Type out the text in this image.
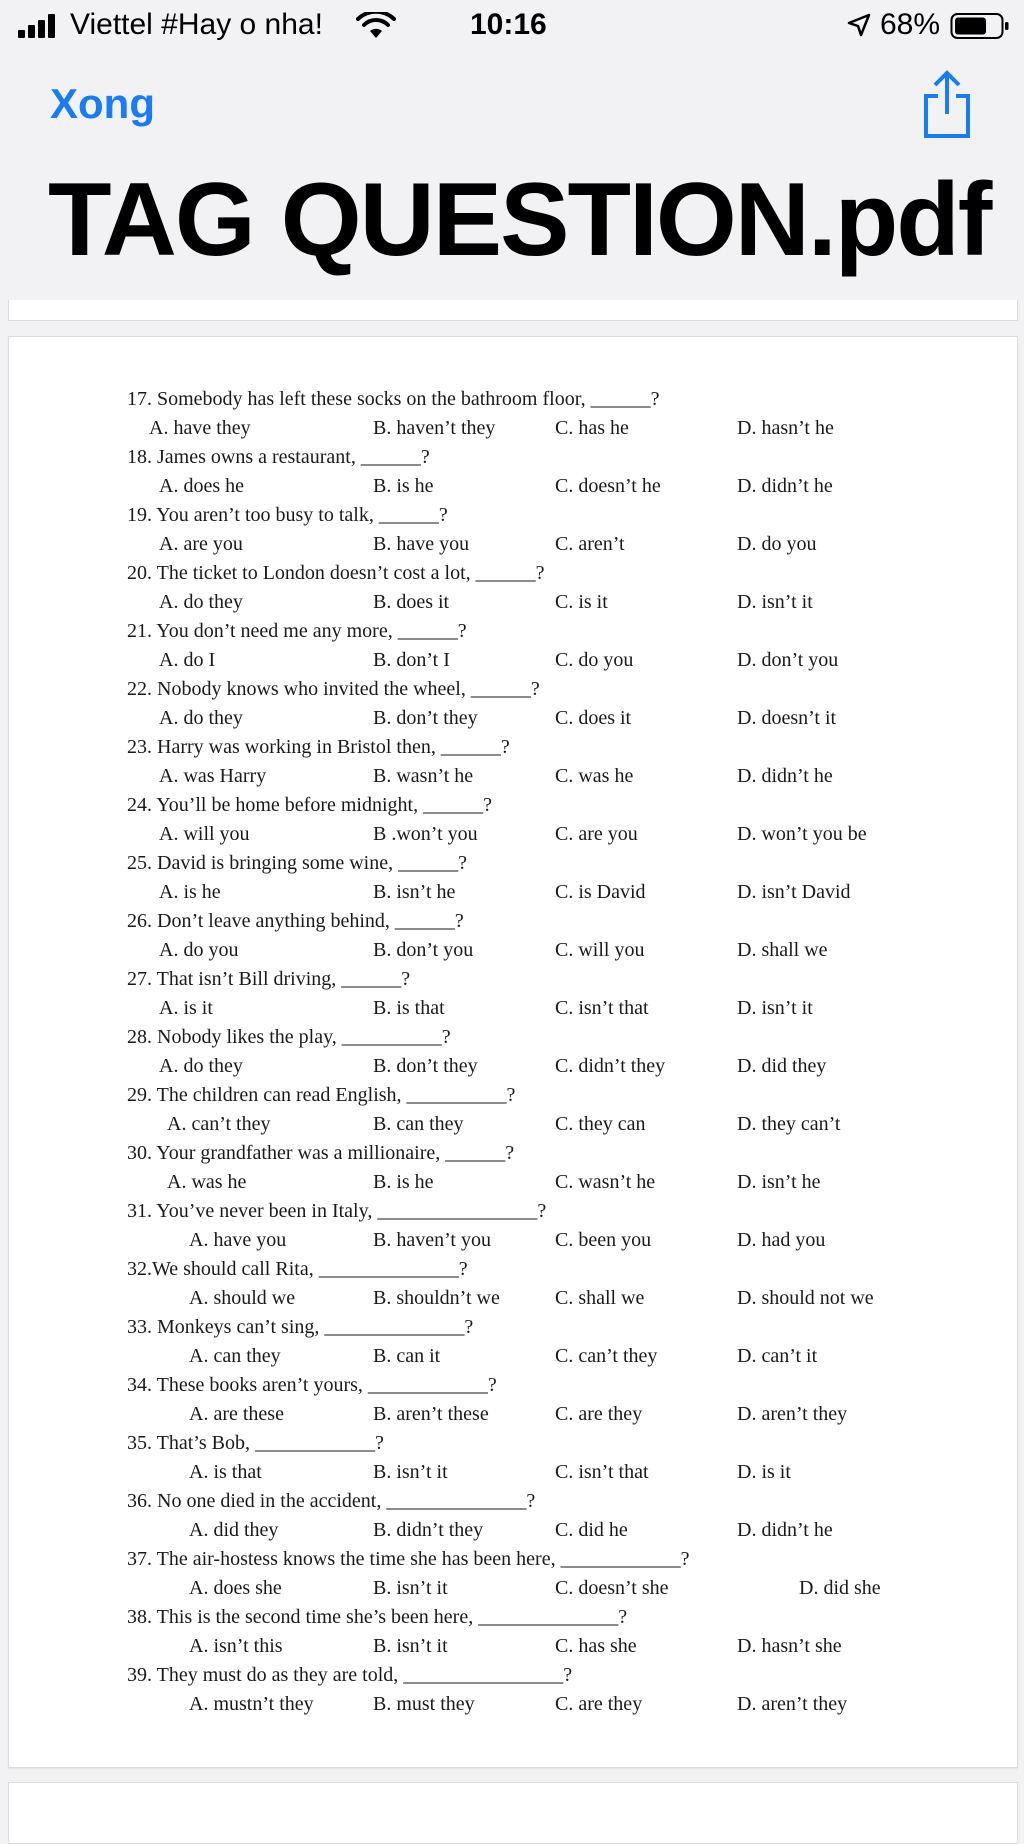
Viettel #Hay o nha!	10:16	68%
Xong
TAG QUESTION.pdf
17. Somebody has left these socks on the bathroom floor, ______?
A. have they	B. haven’t they	C. has he	D. hasn’t he
18. James owns a restaurant, ______?
A. does he	B. is he	C. doesn’t he	D. didn’t he
19. You aren’t too busy to talk, ______?
A. are you	B. have you	C. aren’t	D. do you
20. The ticket to London doesn’t cost a lot, ______?
A. do they	B. does it	C. is it	D. isn’t it
21. You don’t need me any more, ______?
A. do I	B. don’t I	C. do you	D. don’t you
22. Nobody knows who invited the wheel, ______?
A. do they	B. don’t they	C. does it	D. doesn’t it
23. Harry was working in Bristol then, ______?
A. was Harry	B. wasn’t he	C. was he	D. didn’t he
24. You’ll be home before midnight, ______?
A. will you	B .won’t you	C. are you	D. won’t you be
25. David is bringing some wine, ______?
A. is he	B. isn’t he	C. is David	D. isn’t David
26. Don’t leave anything behind, ______?
A. do you	B. don’t you	C. will you	D. shall we
27. That isn’t Bill driving, ______?
A. is it	B. is that	C. isn’t that	D. isn’t it
28. Nobody likes the play, __________?
A. do they	B. don’t they	C. didn’t they	D. did they
29. The children can read English, __________?
A. can’t they	B. can they	C. they can	D. they can’t
30. Your grandfather was a millionaire, ______?
A. was he	B. is he	C. wasn’t he	D. isn’t he
31. You’ve never been in Italy, ________________?
A. have you	B. haven’t you	C. been you	D. had you
32.We should call Rita, ______________?
A. should we	B. shouldn’t we	C. shall we	D. should not we
33. Monkeys can’t sing, ______________?
A. can they	B. can it	C. can’t they	D. can’t it
34. These books aren’t yours, ____________?
A. are these	B. aren’t these	C. are they	D. aren’t they
35. That’s Bob, ____________?
A. is that	B. isn’t it	C. isn’t that	D. is it
36. No one died in the accident, ______________?
A. did they	B. didn’t they	C. did he	D. didn’t he
37. The air-hostess knows the time she has been here, ____________?
A. does she	B. isn’t it	C. doesn’t she	D. did she
38. This is the second time she’s been here, ______________?
A. isn’t this	B. isn’t it	C. has she	D. hasn’t she
39. They must do as they are told, ________________?
A. mustn’t they	B. must they	C. are they	D. aren’t they
